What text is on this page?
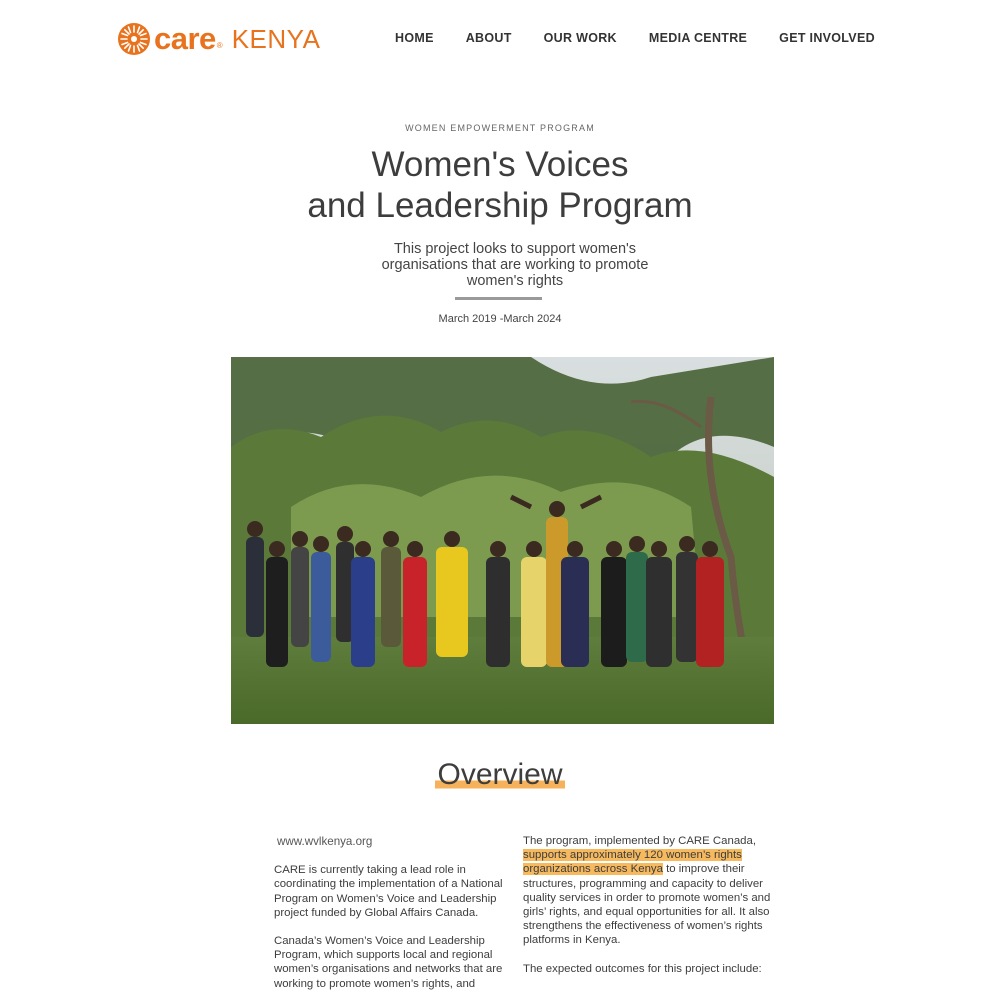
care ® KENYA	HOME	ABOUT	OUR WORK	MEDIA CENTRE	GET INVOLVED
WOMEN EMPOWERMENT PROGRAM
Women's Voices
and Leadership Program
This project looks to support women's organisations that are working to promote women's rights
March 2019 -March 2024
Overview
www.wvlkenya.org

CARE is currently taking a lead role in coordinating the implementation of a National Program on Women’s Voice and Leadership project funded by Global Affairs Canada.

Canada’s Women’s Voice and Leadership Program, which supports local and regional women’s organisations and networks that are working to promote women’s rights, and

The program, implemented by CARE Canada, supports approximately 120 women’s rights organizations across Kenya to improve their structures, programming and capacity to deliver quality services in order to promote women’s and girls’ rights, and equal opportunities for all. It also strengthens the effectiveness of women’s rights platforms in Kenya.

The expected outcomes for this project include:
